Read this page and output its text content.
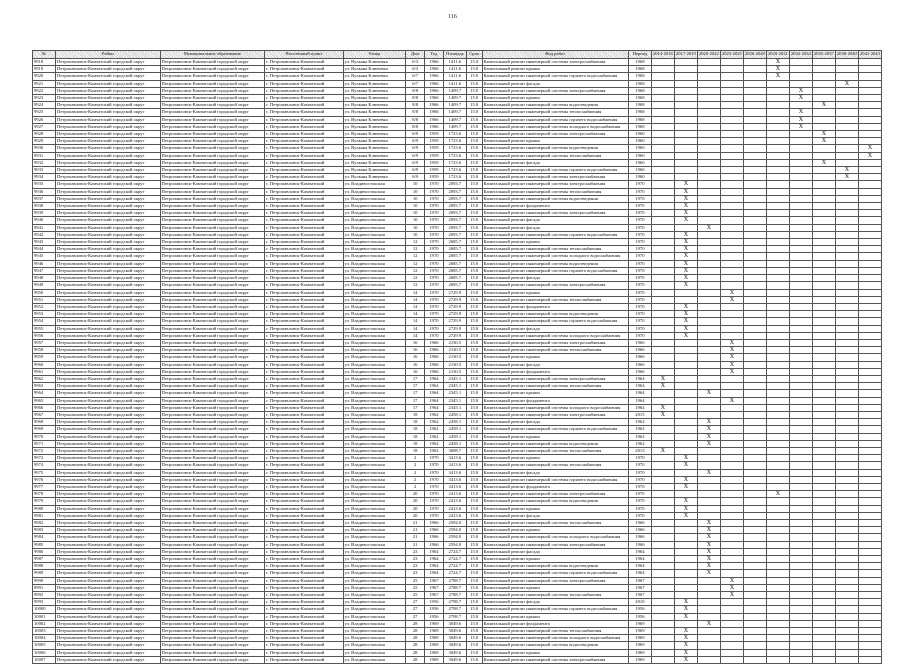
116
№	Район	Муниципальное образование	Населённый пункт	Улица	Дом	Год	Площадь	Срок	Вид работ	Период	2014-2016	2017-2019	2020-2022	2023-2025	2026-2028	2029-2031	2032-2034	2035-2037	2038-2040	2041-2043
9918	Петропавловск-Камчатский городской округ	Петропавловск-Камчатский городской округ	г. Петропавловск-Камчатский	ул. Вулкана Ключевка	6/3	1966	1411.6	15.0	Капитальный ремонт инженерной системы электроснабжения	1968						X				
9919	Петропавловск-Камчатский городской округ	Петропавловск-Камчатский городской округ	г. Петропавловск-Камчатский	ул. Вулкана Ключевка	6/3	1966	1411.6	15.0	Капитальный ремонт крыши	1968						X				
9920	Петропавловск-Камчатский городской округ	Петропавловск-Камчатский городской округ	г. Петропавловск-Камчатский	ул. Вулкана Ключевка	6/7	1966	1411.6	15.0	Капитальный ремонт инженерной системы горячего водоснабжения	1968						X				
9921	Петропавловск-Камчатский городской округ	Петропавловск-Камчатский городской округ	г. Петропавловск-Камчатский	ул. Вулкана Ключевка	6/7	1966	1411.6	15.0	Капитальный ремонт фасада	1968									X	
9922	Петропавловск-Камчатский городской округ	Петропавловск-Камчатский городской округ	г. Петропавловск-Камчатский	ул. Вулкана Ключевка	8/8	1966	1409.7	15.0	Капитальный ремонт инженерной системы электроснабжения	1968							X			
9923	Петропавловск-Камчатский городской округ	Петропавловск-Камчатский городской округ	г. Петропавловск-Камчатский	ул. Вулкана Ключевка	8/8	1966	1409.7	15.0	Капитальный ремонт крыши	1968							X			
9924	Петропавловск-Камчатский городской округ	Петропавловск-Камчатский городской округ	г. Петропавловск-Камчатский	ул. Вулкана Ключевка	8/8	1966	1409.7	15.0	Капитальный ремонт инженерной системы водоотведения	1968								X		
9925	Петропавловск-Камчатский городской округ	Петропавловск-Камчатский городской округ	г. Петропавловск-Камчатский	ул. Вулкана Ключевка	8/8	1966	1409.7	15.0	Капитальный ремонт инженерной системы теплоснабжения	1968							X			
9926	Петропавловск-Камчатский городской округ	Петропавловск-Камчатский городской округ	г. Петропавловск-Камчатский	ул. Вулкана Ключевка	8/8	1966	1409.7	15.0	Капитальный ремонт инженерной системы горячего водоснабжения	1968							X			
9927	Петропавловск-Камчатский городской округ	Петропавловск-Камчатский городской округ	г. Петропавловск-Камчатский	ул. Вулкана Ключевка	8/8	1966	1409.7	15.0	Капитальный ремонт инженерной системы холодного водоснабжения	1968							X			
9928	Петропавловск-Камчатский городской округ	Петропавловск-Камчатский городской округ	г. Петропавловск-Камчатский	ул. Вулкана Ключевка	6/9	1959	1723.6	15.0	Капитальный ремонт инженерной системы электроснабжения	1960								X		
9929	Петропавловск-Камчатский городской округ	Петропавловск-Камчатский городской округ	г. Петропавловск-Камчатский	ул. Вулкана Ключевка	6/9	1959	1723.6	15.0	Капитальный ремонт крыши	1960								X		
9930	Петропавловск-Камчатский городской округ	Петропавловск-Камчатский городской округ	г. Петропавловск-Камчатский	ул. Вулкана Ключевка	6/9	1959	1723.6	15.0	Капитальный ремонт инженерной системы водоотведения	1960										X
9931	Петропавловск-Камчатский городской округ	Петропавловск-Камчатский городской округ	г. Петропавловск-Камчатский	ул. Вулкана Ключевка	6/9	1959	1723.6	15.0	Капитальный ремонт инженерной системы теплоснабжения	1960										X
9932	Петропавловск-Камчатский городской округ	Петропавловск-Камчатский городской округ	г. Петропавловск-Камчатский	ул. Вулкана Ключевка	6/9	1959	1723.6	15.0	Капитальный ремонт фасада	1960								X		
9933	Петропавловск-Камчатский городской округ	Петропавловск-Камчатский городской округ	г. Петропавловск-Камчатский	ул. Вулкана Ключевка	6/9	1959	1723.6	15.0	Капитальный ремонт инженерной системы горячего водоснабжения	1960									X	
9934	Петропавловск-Камчатский городской округ	Петропавловск-Камчатский городской округ	г. Петропавловск-Камчатский	ул. Вулкана Ключевка	6/9	1959	1723.6	15.0	Капитальный ремонт инженерной системы электроснабжения	1960									X	
9935	Петропавловск-Камчатский городской округ	Петропавловск-Камчатский городской округ	г. Петропавловск-Камчатский	ул. Владивостокская	10	1970	2093.7	15.0	Капитальный ремонт инженерной системы электроснабжения	1970		X								
9936	Петропавловск-Камчатский городской округ	Петропавловск-Камчатский городской округ	г. Петропавловск-Камчатский	ул. Владивостокская	10	1970	2093.7	15.0	Капитальный ремонт инженерной системы теплоснабжения	1970		X								
9937	Петропавловск-Камчатский городской округ	Петропавловск-Камчатский городской округ	г. Петропавловск-Камчатский	ул. Владивостокская	10	1970	2093.7	15.0	Капитальный ремонт инженерной системы водоотведения	1970		X								
9938	Петропавловск-Камчатский городской округ	Петропавловск-Камчатский городской округ	г. Петропавловск-Камчатский	ул. Владивостокская	10	1970	2093.7	15.0	Капитальный ремонт фундамента	1970		X								
9939	Петропавловск-Камчатский городской округ	Петропавловск-Камчатский городской округ	г. Петропавловск-Камчатский	ул. Владивостокская	10	1970	2093.7	15.0	Капитальный ремонт инженерной системы электроснабжения	1970		X								
9940	Петропавловск-Камчатский городской округ	Петропавловск-Камчатский городской округ	г. Петропавловск-Камчатский	ул. Владивостокская	10	1970	2093.7	15.0	Капитальный ремонт фасада	1970		X								
9941	Петропавловск-Камчатский городской округ	Петропавловск-Камчатский городской округ	г. Петропавловск-Камчатский	ул. Владивостокская	10	1970	2093.7	15.0	Капитальный ремонт фасада	1970			X							
9942	Петропавловск-Камчатский городской округ	Петропавловск-Камчатский городской округ	г. Петропавловск-Камчатский	ул. Владивостокская	10	1970	2093.7	15.0	Капитальный ремонт инженерной системы горячего водоснабжения	1970		X								
9943	Петропавловск-Камчатский городской округ	Петропавловск-Камчатский городской округ	г. Петропавловск-Камчатский	ул. Владивостокская	12	1970	2685.7	15.0	Капитальный ремонт крыши	1970		X								
9944	Петропавловск-Камчатский городской округ	Петропавловск-Камчатский городской округ	г. Петропавловск-Камчатский	ул. Владивостокская	12	1970	2685.7	15.0	Капитальный ремонт инженерной системы теплоснабжения	1970		X								
9945	Петропавловск-Камчатский городской округ	Петропавловск-Камчатский городской округ	г. Петропавловск-Камчатский	ул. Владивостокская	12	1970	2685.7	15.0	Капитальный ремонт инженерной системы холодного водоснабжения	1970		X								
9946	Петропавловск-Камчатский городской округ	Петропавловск-Камчатский городской округ	г. Петропавловск-Камчатский	ул. Владивостокская	12	1970	2685.7	15.0	Капитальный ремонт инженерной системы водоотведения	1970		X								
9947	Петропавловск-Камчатский городской округ	Петропавловск-Камчатский городской округ	г. Петропавловск-Камчатский	ул. Владивостокская	12	1970	2685.7	15.0	Капитальный ремонт инженерной системы горячего водоснабжения	1970		X								
9948	Петропавловск-Камчатский городской округ	Петропавловск-Камчатский городской округ	г. Петропавловск-Камчатский	ул. Владивостокская	12	1970	2685.7	15.0	Капитальный ремонт фасада	1970		X								
9949	Петропавловск-Камчатский городской округ	Петропавловск-Камчатский городской округ	г. Петропавловск-Камчатский	ул. Владивостокская	12	1970	2685.7	15.0	Капитальный ремонт инженерной системы электроснабжения	1970		X								
9950	Петропавловск-Камчатский городской округ	Петропавловск-Камчатский городской округ	г. Петропавловск-Камчатский	ул. Владивостокская	14	1970	2729.9	15.0	Капитальный ремонт крыши	1970				X						
9951	Петропавловск-Камчатский городской округ	Петропавловск-Камчатский городской округ	г. Петропавловск-Камчатский	ул. Владивостокская	14	1970	2729.9	15.0	Капитальный ремонт инженерной системы теплоснабжения	1970				X						
9952	Петропавловск-Камчатский городской округ	Петропавловск-Камчатский городской округ	г. Петропавловск-Камчатский	ул. Владивостокская	14	1970	2729.9	15.0	Капитальный ремонт фундамента	1970		X								
9953	Петропавловск-Камчатский городской округ	Петропавловск-Камчатский городской округ	г. Петропавловск-Камчатский	ул. Владивостокская	14	1970	2729.9	15.0	Капитальный ремонт инженерной системы водоотведения	1970		X								
9954	Петропавловск-Камчатский городской округ	Петропавловск-Камчатский городской округ	г. Петропавловск-Камчатский	ул. Владивостокская	14	1970	2729.9	15.0	Капитальный ремонт инженерной системы горячего водоснабжения	1970		X								
9955	Петропавловск-Камчатский городской округ	Петропавловск-Камчатский городской округ	г. Петропавловск-Камчатский	ул. Владивостокская	14	1970	2729.9	15.0	Капитальный ремонт фасада	1970		X								
9956	Петропавловск-Камчатский городской округ	Петропавловск-Камчатский городской округ	г. Петропавловск-Камчатский	ул. Владивостокская	14	1970	2729.9	15.0	Капитальный ремонт инженерной системы холодного водоснабжения	1970		X								
9957	Петропавловск-Камчатский городской округ	Петропавловск-Камчатский городской округ	г. Петропавловск-Камчатский	ул. Владивостокская	16	1966	2130.5	15.0	Капитальный ремонт инженерной системы электроснабжения	1966				X						
9958	Петропавловск-Камчатский городской округ	Петропавловск-Камчатский городской округ	г. Петропавловск-Камчатский	ул. Владивостокская	16	1966	2130.5	15.0	Капитальный ремонт инженерной системы теплоснабжения	1966				X						
9959	Петропавловск-Камчатский городской округ	Петропавловск-Камчатский городской округ	г. Петропавловск-Камчатский	ул. Владивостокская	16	1966	2130.5	15.0	Капитальный ремонт крыши	1966				X						
9960	Петропавловск-Камчатский городской округ	Петропавловск-Камчатский городской округ	г. Петропавловск-Камчатский	ул. Владивостокская	16	1966	2130.5	15.0	Капитальный ремонт фасада	1966				X						
9961	Петропавловск-Камчатский городской округ	Петропавловск-Камчатский городской округ	г. Петропавловск-Камчатский	ул. Владивостокская	16	1966	2130.5	15.0	Капитальный ремонт фундамента	1966				X						
9962	Петропавловск-Камчатский городской округ	Петропавловск-Камчатский городской округ	г. Петропавловск-Камчатский	ул. Владивостокская	17	1964	2345.1	15.0	Капитальный ремонт инженерной системы электроснабжения	1964	X									
9963	Петропавловск-Камчатский городской округ	Петропавловск-Камчатский городской округ	г. Петропавловск-Камчатский	ул. Владивостокская	17	1964	2345.1	15.0	Капитальный ремонт инженерной системы теплоснабжения	1964	X									
9964	Петропавловск-Камчатский городской округ	Петропавловск-Камчатский городской округ	г. Петропавловск-Камчатский	ул. Владивостокская	17	1964	2345.1	15.0	Капитальный ремонт крыши	1964			X							
9965	Петропавловск-Камчатский городской округ	Петропавловск-Камчатский городской округ	г. Петропавловск-Камчатский	ул. Владивостокская	17	1964	2345.1	15.0	Капитальный ремонт фундамента	1964				X						
9966	Петропавловск-Камчатский городской округ	Петропавловск-Камчатский городской округ	г. Петропавловск-Камчатский	ул. Владивостокская	17	1964	2345.1	15.0	Капитальный ремонт инженерной системы холодного водоснабжения	1964	X									
9967	Петропавловск-Камчатский городской округ	Петропавловск-Камчатский городской округ	г. Петропавловск-Камчатский	ул. Владивостокская	18	1962	2458.1	15.0	Капитальный ремонт инженерной системы электроснабжения	2015	X									
9968	Петропавловск-Камчатский городской округ	Петропавловск-Камчатский городской округ	г. Петропавловск-Камчатский	ул. Владивостокская	18	1962	2458.1	15.0	Капитальный ремонт фасада	1962			X							
9969	Петропавловск-Камчатский городской округ	Петропавловск-Камчатский городской округ	г. Петропавловск-Камчатский	ул. Владивостокская	18	1962	2458.1	15.0	Капитальный ремонт инженерной системы горячего водоснабжения	1962			X							
9970	Петропавловск-Камчатский городской округ	Петропавловск-Камчатский городской округ	г. Петропавловск-Камчатский	ул. Владивостокская	18	1962	2458.1	15.0	Капитальный ремонт крыши	1962			X							
9971	Петропавловск-Камчатский городской округ	Петропавловск-Камчатский городской округ	г. Петропавловск-Камчатский	ул. Владивостокская	18	1962	2458.1	15.0	Капитальный ремонт инженерной системы водоотведения	1962			X							
9972	Петропавловск-Камчатский городской округ	Петропавловск-Камчатский городской округ	г. Петропавловск-Камчатский	ул. Владивостокская	18	1962	3608.7	15.0	Капитальный ремонт инженерной системы теплоснабжения	2013	X									
9973	Петропавловск-Камчатский городской округ	Петропавловск-Камчатский городской округ	г. Петропавловск-Камчатский	ул. Владивостокская	2	1970	3413.6	15.0	Капитальный ремонт крыши	1970		X								
9974	Петропавловск-Камчатский городской округ	Петропавловск-Камчатский городской округ	г. Петропавловск-Камчатский	ул. Владивостокская	2	1970	3413.6	15.0	Капитальный ремонт инженерной системы теплоснабжения	1970		X								
9975	Петропавловск-Камчатский городской округ	Петропавловск-Камчатский городской округ	г. Петропавловск-Камчатский	ул. Владивостокская	2	1970	3413.6	15.0	Капитальный ремонт фасада	1970			X							
9976	Петропавловск-Камчатский городской округ	Петропавловск-Камчатский городской округ	г. Петропавловск-Камчатский	ул. Владивостокская	2	1970	3413.6	15.0	Капитальный ремонт инженерной системы горячего водоснабжения	1970		X								
9977	Петропавловск-Камчатский городской округ	Петропавловск-Камчатский городской округ	г. Петропавловск-Камчатский	ул. Владивостокская	2	1970	3413.6	15.0	Капитальный ремонт фундамента	1970		X								
9978	Петропавловск-Камчатский городской округ	Петропавловск-Камчатский городской округ	г. Петропавловск-Камчатский	ул. Владивостокская	20	1970	2413.6	15.0	Капитальный ремонт инженерной системы электроснабжения	1970						X				
9979	Петропавловск-Камчатский городской округ	Петропавловск-Камчатский городской округ	г. Петропавловск-Камчатский	ул. Владивостокская	20	1970	2413.6	15.0	Капитальный ремонт инженерной системы водоотведения	1970		X								
9980	Петропавловск-Камчатский городской округ	Петропавловск-Камчатский городской округ	г. Петропавловск-Камчатский	ул. Владивостокская	20	1970	2413.6	15.0	Капитальный ремонт крыши	1970		X								
9981	Петропавловск-Камчатский городской округ	Петропавловск-Камчатский городской округ	г. Петропавловск-Камчатский	ул. Владивостокская	20	1970	2413.6	15.0	Капитальный ремонт фасада	1970		X								
9982	Петропавловск-Камчатский городской округ	Петропавловск-Камчатский городской округ	г. Петропавловск-Камчатский	ул. Владивостокская	21	1966	2594.0	15.0	Капитальный ремонт инженерной системы теплоснабжения	1966			X							
9983	Петропавловск-Камчатский городской округ	Петропавловск-Камчатский городской округ	г. Петропавловск-Камчатский	ул. Владивостокская	21	1966	2594.0	15.0	Капитальный ремонт крыши	1966			X							
9984	Петропавловск-Камчатский городской округ	Петропавловск-Камчатский городской округ	г. Петропавловск-Камчатский	ул. Владивостокская	21	1966	2594.0	15.0	Капитальный ремонт инженерной системы холодного водоснабжения	1966			X							
9985	Петропавловск-Камчатский городской округ	Петропавловск-Камчатский городской округ	г. Петропавловск-Камчатский	ул. Владивостокская	21	1966	2594.0	15.0	Капитальный ремонт инженерной системы электроснабжения	1966			X							
9986	Петропавловск-Камчатский городской округ	Петропавловск-Камчатский городской округ	г. Петропавловск-Камчатский	ул. Владивостокская	23	1964	2724.7	15.0	Капитальный ремонт фасада	1964			X							
9987	Петропавловск-Камчатский городской округ	Петропавловск-Камчатский городской округ	г. Петропавловск-Камчатский	ул. Владивостокская	23	1964	2724.7	15.0	Капитальный ремонт крыши	1964			X							
9988	Петропавловск-Камчатский городской округ	Петропавловск-Камчатский городской округ	г. Петропавловск-Камчатский	ул. Владивостокская	23	1964	2724.7	15.0	Капитальный ремонт инженерной системы водоотведения	1964			X							
9989	Петропавловск-Камчатский городской округ	Петропавловск-Камчатский городской округ	г. Петропавловск-Камчатский	ул. Владивостокская	23	1964	2724.7	15.0	Капитальный ремонт инженерной системы горячего водоснабжения	1964			X							
9990	Петропавловск-Камчатский городской округ	Петропавловск-Камчатский городской округ	г. Петропавловск-Камчатский	ул. Владивостокская	25	1967	2788.7	15.0	Капитальный ремонт инженерной системы электроснабжения	1967				X						
9991	Петропавловск-Камчатский городской округ	Петропавловск-Камчатский городской округ	г. Петропавловск-Камчатский	ул. Владивостокская	25	1967	2788.7	15.0	Капитальный ремонт крыши	1967				X						
9992	Петропавловск-Камчатский городской округ	Петропавловск-Камчатский городской округ	г. Петропавловск-Камчатский	ул. Владивостокская	25	1967	2788.7	15.0	Капитальный ремонт инженерной системы теплоснабжения	1967				X						
9993	Петропавловск-Камчатский городской округ	Петропавловск-Камчатский городской округ	г. Петропавловск-Камчатский	ул. Владивостокская	27	1956	2798.7	15.0	Капитальный ремонт фасада	2010		X								
10000	Петропавловск-Камчатский городской округ	Петропавловск-Камчатский городской округ	г. Петропавловск-Камчатский	ул. Владивостокская	27	1956	2798.7	15.0	Капитальный ремонт инженерной системы горячего водоснабжения	1956		X								
10001	Петропавловск-Камчатский городской округ	Петропавловск-Камчатский городской округ	г. Петропавловск-Камчатский	ул. Владивостокская	27	1956	2798.7	15.0	Капитальный ремонт крыши	1956		X								
10002	Петропавловск-Камчатский городской округ	Петропавловск-Камчатский городской округ	г. Петропавловск-Камчатский	ул. Владивостокская	28	1969	3049.6	15.0	Капитальный ремонт фундамента	1969			X							
10003	Петропавловск-Камчатский городской округ	Петропавловск-Камчатский городской округ	г. Петропавловск-Камчатский	ул. Владивостокская	28	1969	3049.6	15.0	Капитальный ремонт инженерной системы теплоснабжения	1969		X								
10004	Петропавловск-Камчатский городской округ	Петропавловск-Камчатский городской округ	г. Петропавловск-Камчатский	ул. Владивостокская	28	1969	3049.6	15.0	Капитальный ремонт инженерной системы холодного водоснабжения	1969		X								
10005	Петропавловск-Камчатский городской округ	Петропавловск-Камчатский городской округ	г. Петропавловск-Камчатский	ул. Владивостокская	28	1969	3049.6	15.0	Капитальный ремонт инженерной системы водоотведения	1969		X								
10006	Петропавловск-Камчатский городской округ	Петропавловск-Камчатский городской округ	г. Петропавловск-Камчатский	ул. Владивостокская	28	1969	3049.6	15.0	Капитальный ремонт крыши	1969		X								
10007	Петропавловск-Камчатский городской округ	Петропавловск-Камчатский городской округ	г. Петропавловск-Камчатский	ул. Владивостокская	28	1969	3049.6	15.0	Капитальный ремонт инженерной системы электроснабжения	1969		X								
